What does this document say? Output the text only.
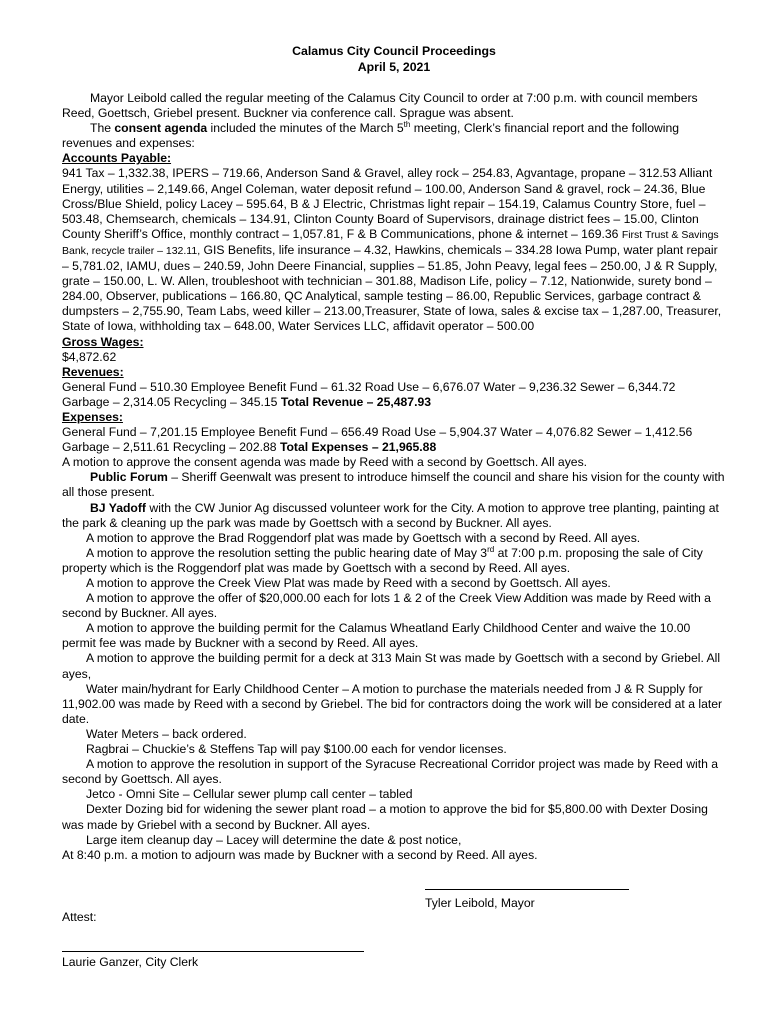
Calamus City Council Proceedings
April 5, 2021

Mayor Leibold called the regular meeting of the Calamus City Council to order at 7:00 p.m. with council members Reed, Goettsch, Griebel present. Buckner via conference call. Sprague was absent.

The consent agenda included the minutes of the March 5th meeting, Clerk’s financial report and the following revenues and expenses:

Accounts Payable:

941 Tax – 1,332.38, IPERS – 719.66, Anderson Sand & Gravel, alley rock – 254.83, Agvantage, propane – 312.53 Alliant Energy, utilities – 2,149.66, Angel Coleman, water deposit refund – 100.00, Anderson Sand & gravel, rock – 24.36, Blue Cross/Blue Shield, policy Lacey – 595.64, B & J Electric, Christmas light repair – 154.19, Calamus Country Store, fuel – 503.48, Chemsearch, chemicals – 134.91, Clinton County Board of Supervisors, drainage district fees – 15.00, Clinton County Sheriff’s Office, monthly contract – 1,057.81, F & B Communications, phone & internet – 169.36 First Trust & Savings Bank, recycle trailer – 132.11, GIS Benefits, life insurance – 4.32, Hawkins, chemicals – 334.28 Iowa Pump, water plant repair – 5,781.02, IAMU, dues – 240.59, John Deere Financial, supplies – 51.85, John Peavy, legal fees – 250.00, J & R Supply, grate – 150.00, L. W. Allen, troubleshoot with technician – 301.88, Madison Life, policy – 7.12, Nationwide, surety bond – 284.00, Observer, publications – 166.80, QC Analytical, sample testing – 86.00, Republic Services, garbage contract & dumpsters – 2,755.90, Team Labs, weed killer – 213.00,Treasurer, State of Iowa, sales & excise tax – 1,287.00, Treasurer, State of Iowa, withholding tax – 648.00, Water Services LLC, affidavit operator – 500.00

Gross Wages:

$4,872.62

Revenues:

General Fund – 510.30 Employee Benefit Fund – 61.32 Road Use – 6,676.07 Water – 9,236.32 Sewer – 6,344.72 Garbage – 2,314.05 Recycling – 345.15 Total Revenue – 25,487.93

Expenses:

General Fund – 7,201.15 Employee Benefit Fund – 656.49 Road Use – 5,904.37 Water – 4,076.82 Sewer – 1,412.56 Garbage – 2,511.61 Recycling – 202.88 Total Expenses – 21,965.88

A motion to approve the consent agenda was made by Reed with a second by Goettsch. All ayes.

Public Forum – Sheriff Geenwalt was present to introduce himself the council and share his vision for the county with all those present.

BJ Yadoff with the CW Junior Ag discussed volunteer work for the City. A motion to approve tree planting, painting at the park & cleaning up the park was made by Goettsch with a second by Buckner. All ayes.

A motion to approve the Brad Roggendorf plat was made by Goettsch with a second by Reed. All ayes.

A motion to approve the resolution setting the public hearing date of May 3rd at 7:00 p.m. proposing the sale of City property which is the Roggendorf plat was made by Goettsch with a second by Reed. All ayes.

A motion to approve the Creek View Plat was made by Reed with a second by Goettsch. All ayes.

A motion to approve the offer of $20,000.00 each for lots 1 & 2 of the Creek View Addition was made by Reed with a second by Buckner. All ayes.

A motion to approve the building permit for the Calamus Wheatland Early Childhood Center and waive the 10.00 permit fee was made by Buckner with a second by Reed. All ayes.

A motion to approve the building permit for a deck at 313 Main St was made by Goettsch with a second by Griebel. All ayes,

Water main/hydrant for Early Childhood Center – A motion to purchase the materials needed from J & R Supply for 11,902.00 was made by Reed with a second by Griebel. The bid for contractors doing the work will be considered at a later date.

Water Meters – back ordered.

Ragbrai – Chuckie’s & Steffens Tap will pay $100.00 each for vendor licenses.

A motion to approve the resolution in support of the Syracuse Recreational Corridor project was made by Reed with a second by Goettsch. All ayes.

Jetco - Omni Site – Cellular sewer plump call center – tabled

Dexter Dozing bid for widening the sewer plant road – a motion to approve the bid for $5,800.00 with Dexter Dosing was made by Griebel with a second by Buckner. All ayes.

Large item cleanup day – Lacey will determine the date & post notice,

At 8:40 p.m. a motion to adjourn was made by Buckner with a second by Reed. All ayes.

Tyler Leibold, Mayor
Attest:
Laurie Ganzer, City Clerk
